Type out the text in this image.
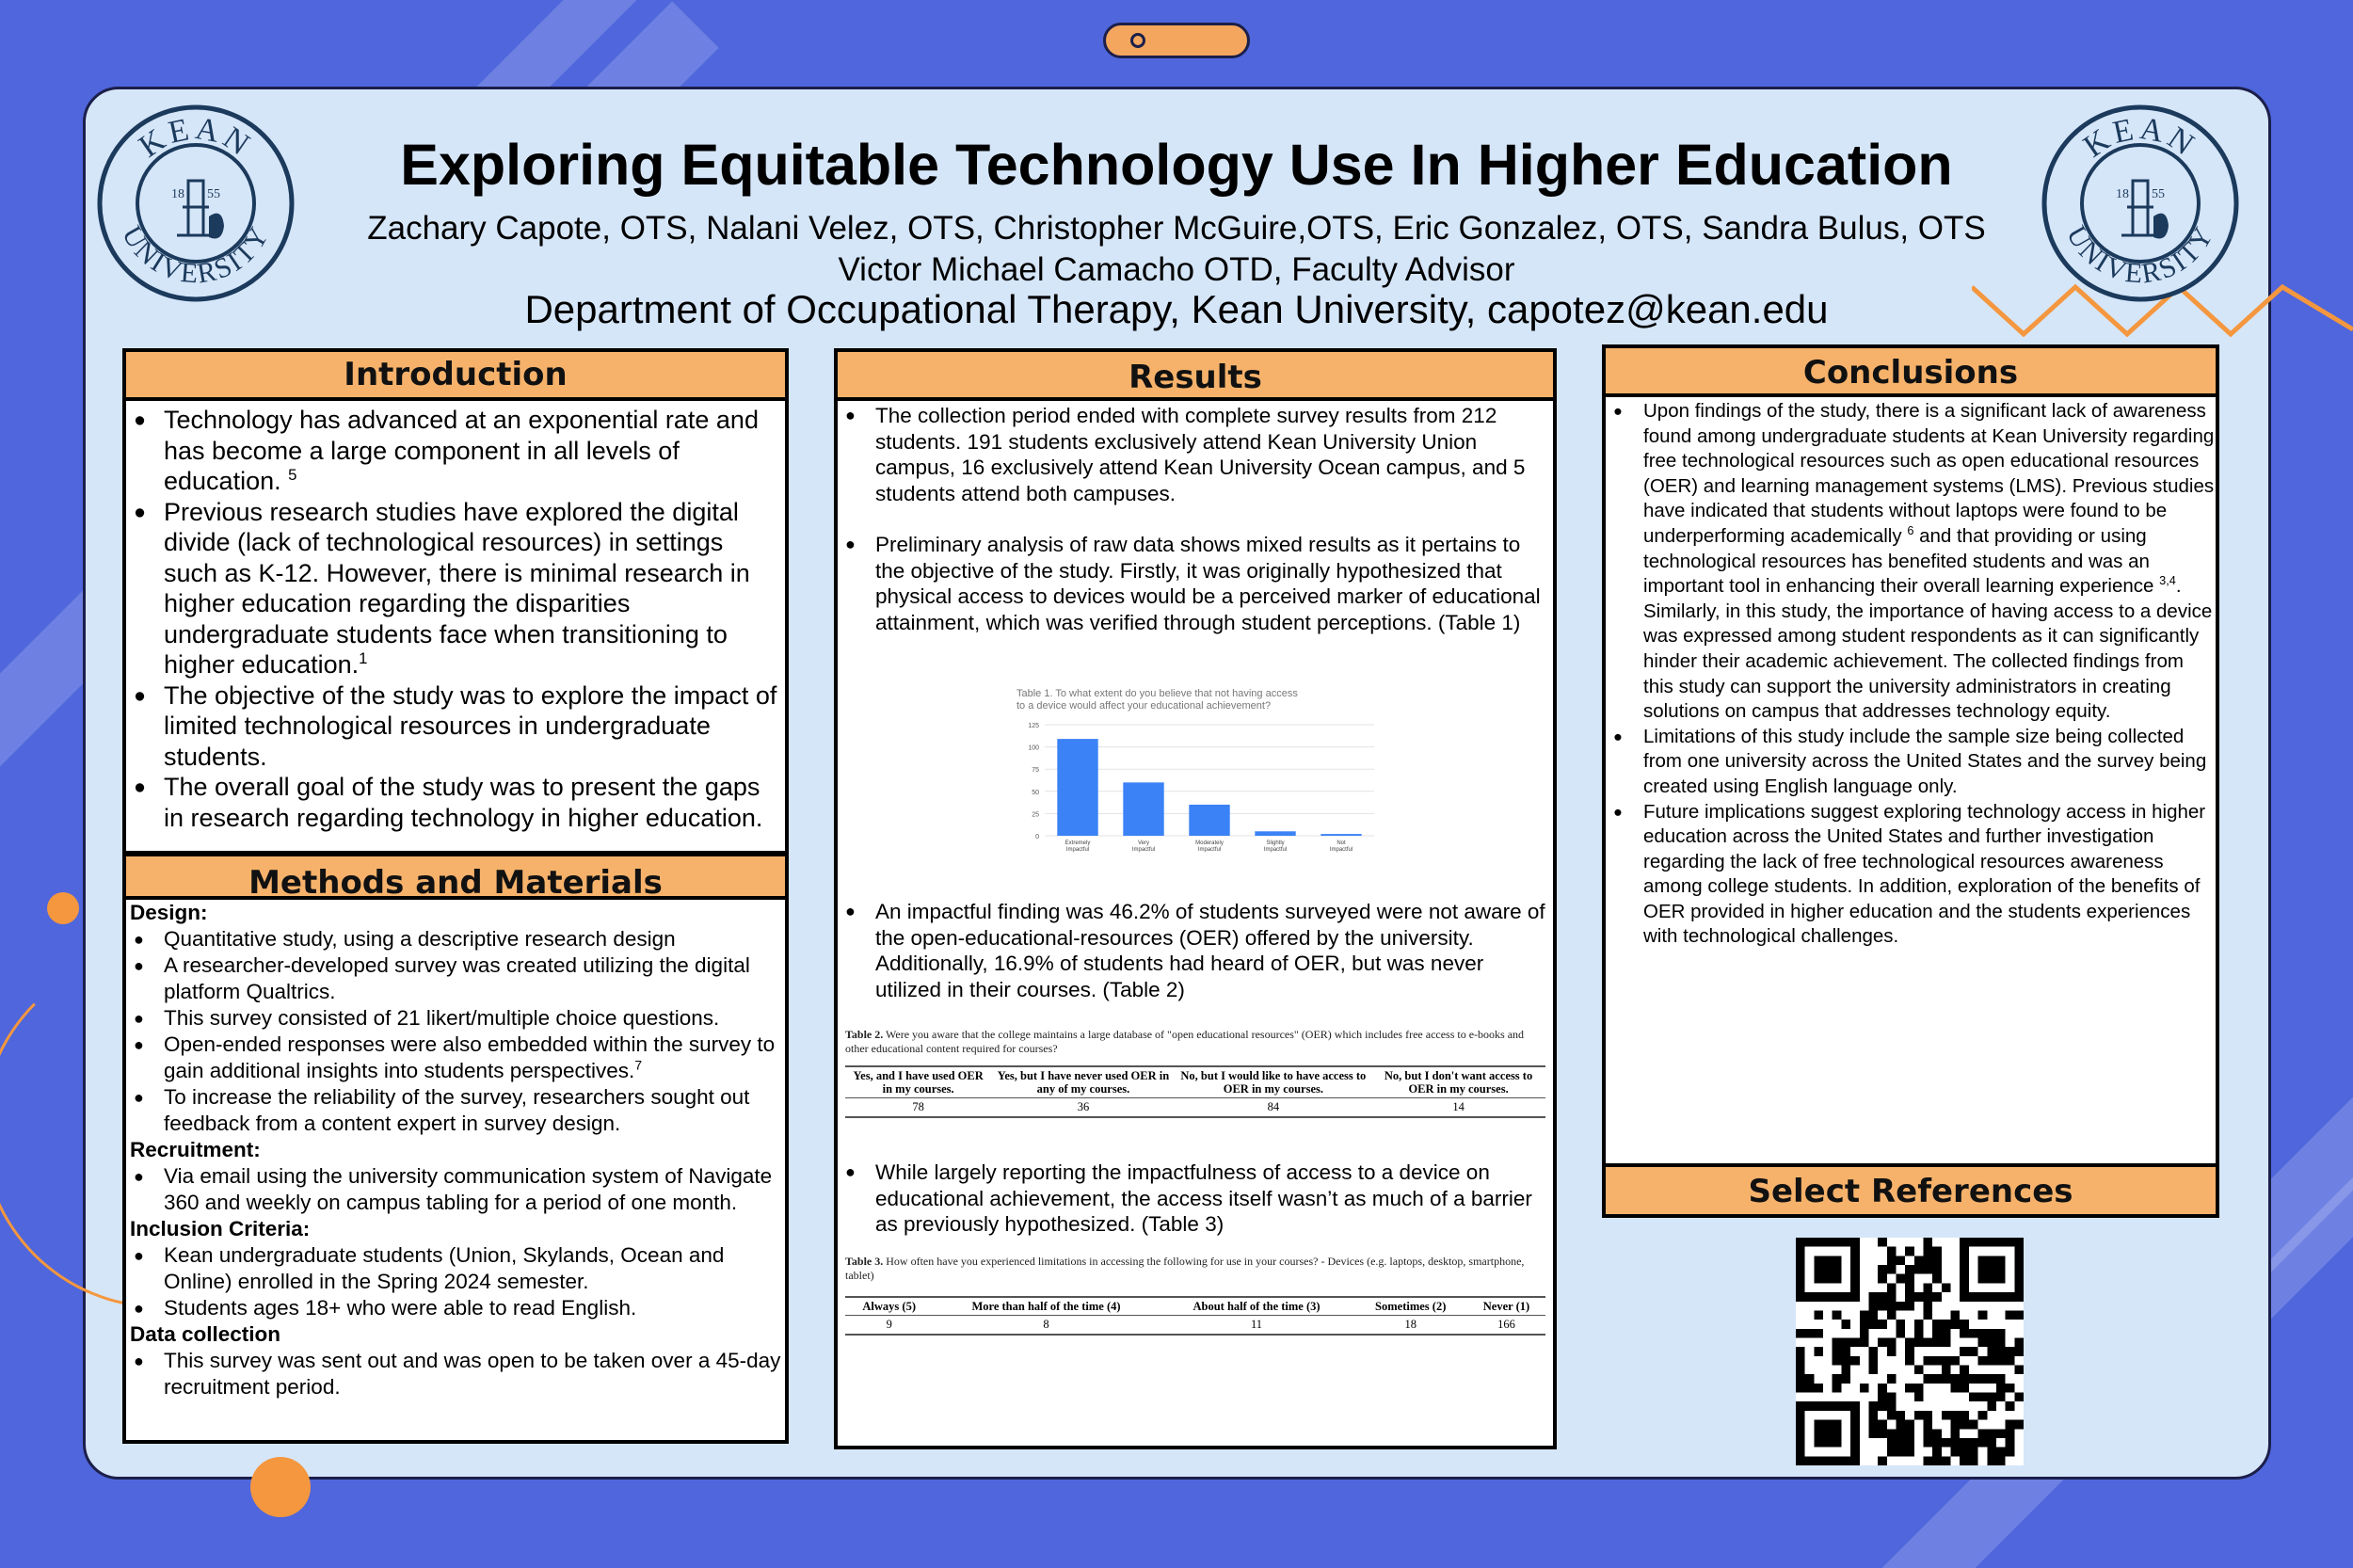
KEAN
UNIVERSITY
18 55
KEAN
UNIVERSITY
18 55
Exploring Equitable Technology Use In Higher Education
Zachary Capote, OTS, Nalani Velez, OTS, Christopher McGuire,OTS, Eric Gonzalez, OTS, Sandra Bulus, OTS
Victor Michael Camacho OTD, Faculty Advisor
Department of Occupational Therapy, Kean University, capotez@kean.edu
Introduction
● Technology has advanced at an exponential rate and has become a large component in all levels of education. $^5$
● Previous research studies have explored the digital divide (lack of technological resources) in settings such as K-12. However, there is minimal research in higher education regarding the disparities undergraduate students face when transitioning to higher education.$^1$
● The objective of the study was to explore the impact of limited technological resources in undergraduate students.
● The overall goal of the study was to present the gaps in research regarding technology in higher education.
Methods and Materials
Design:
● Quantitative study, using a descriptive research design
● A researcher-developed survey was created utilizing the digital platform Qualtrics.
● This survey consisted of 21 likert/multiple choice questions.
● Open-ended responses were also embedded within the survey to gain additional insights into students perspectives.$^7$
● To increase the reliability of the survey, researchers sought out feedback from a content expert in survey design.
Recruitment:
● Via email using the university communication system of Navigate 360 and weekly on campus tabling for a period of one month.
Inclusion Criteria:
● Kean undergraduate students (Union, Skylands, Ocean and Online) enrolled in the Spring 2024 semester.
● Students ages 18+ who were able to read English.
Data collection
● This survey was sent out and was open to be taken over a 45-day recruitment period.
Results
● The collection period ended with complete survey results from 212 students. 191 students exclusively attend Kean University Union campus, 16 exclusively attend Kean University Ocean campus, and 5 students attend both campuses.
● Preliminary analysis of raw data shows mixed results as it pertains to the objective of the study. Firstly, it was originally hypothesized that physical access to devices would be a perceived marker of educational attainment, which was verified through student perceptions. (Table 1)
Table 1. To what extent do you believe that not having access
to a device would affect your educational achievement?
0
25
50
75
100
125
Extremely
Impactful
Very
Impactful
Moderately
Impactful
Slightly
Impactful
Not
Impactful
● An impactful finding was 46.2% of students surveyed were not aware of the open-educational-resources (OER) offered by the university. Additionally, 16.9% of students had heard of OER, but was never utilized in their courses. (Table 2)
Table 2. Were you aware that the college maintains a large database of "open educational resources" (OER) which includes free access to e-books and other educational content required for courses?
Yes, and I have used OER in my courses.	Yes, but I have never used OER in any of my courses.	No, but I would like to have access to OER in my courses.	No, but I don't want access to OER in my courses.
78	36	84	14
● While largely reporting the impactfulness of access to a device on educational achievement, the access itself wasn’t as much of a barrier as previously hypothesized. (Table 3)
Table 3. How often have you experienced limitations in accessing the following for use in your courses? - Devices (e.g. laptops, desktop, smartphone, tablet)
Always (5)	More than half of the time (4)	About half of the time (3)	Sometimes (2)	Never (1)
9	8	11	18	166
Conclusions
● Upon findings of the study, there is a significant lack of awareness found among undergraduate students at Kean University regarding free technological resources such as open educational resources (OER) and learning management systems (LMS). Previous studies have indicated that students without laptops were found to be underperforming academically $^6$ and that providing or using technological resources has benefited students and was an important tool in enhancing their overall learning experience $^{3,4}$. Similarly, in this study, the importance of having access to a device was expressed among student respondents as it can significantly hinder their academic achievement. The collected findings from this study can support the university administrators in creating solutions on campus that addresses technology equity.
● Limitations of this study include the sample size being collected from one university across the United States and the survey being created using English language only.
● Future implications suggest exploring technology access in higher education across the United States and further investigation regarding the lack of free technological resources awareness among college students. In addition, exploration of the benefits of OER provided in higher education and the students experiences with technological challenges.
Select References
